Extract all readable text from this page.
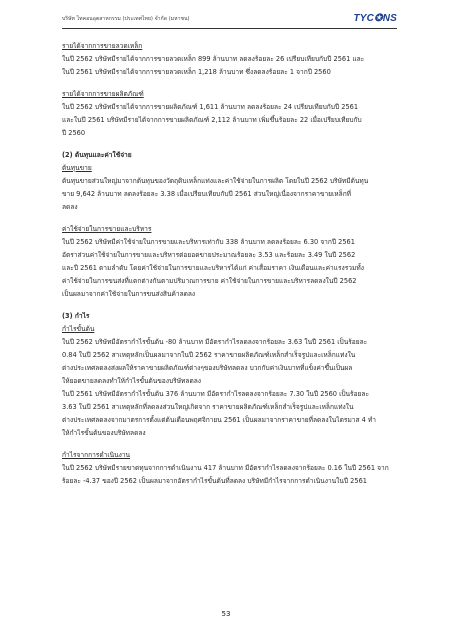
บริษัท ไทคอนอุตสาหกรรม (ประเทศไทย) จำกัด (มหาชน)	TYC✪NS

รายได้จากการขายลวดเหล็ก

ในปี 2562 บริษัทมีรายได้จากการขายลวดเหล็ก 899 ล้านบาท ลดลงร้อยละ 26 เปรียบเทียบกับปี 2561 และ

ในปี 2561 บริษัทมีรายได้จากการขายลวดเหล็ก 1,218 ล้านบาท ซึ่งลดลงร้อยละ 1 จากปี 2560

รายได้จากการขายผลิตภัณฑ์

ในปี 2562 บริษัทมีรายได้จากการขายผลิตภัณฑ์ 1,611 ล้านบาท ลดลงร้อยละ 24 เปรียบเทียบกับปี 2561

และในปี 2561 บริษัทมีรายได้จากการขายผลิตภัณฑ์ 2,112 ล้านบาท เพิ่มขึ้นร้อยละ 22 เมื่อเปรียบเทียบกับ

ปี 2560

(2) ต้นทุนและค่าใช้จ่าย

ต้นทุนขาย

ต้นทุนขายส่วนใหญ่มาจากต้นทุนของวัตถุดิบเหล็กแท่งและค่าใช้จ่ายในการผลิต โดยในปี 2562 บริษัทมีต้นทุน

ขาย 9,642 ล้านบาท ลดลงร้อยละ 3.38 เมื่อเปรียบเทียบกับปี 2561 ส่วนใหญ่เนื่องจากราคาขายเหล็กที่

ลดลง

ค่าใช้จ่ายในการขายและบริหาร

ในปี 2562 บริษัทมีค่าใช้จ่ายในการขายและบริหารเท่ากับ 338 ล้านบาท ลดลงร้อยละ 6.30 จากปี 2561

อัตราส่วนค่าใช้จ่ายในการขายและบริหารต่อยอดขายประมาณร้อยละ 3.53 และร้อยละ 3.49 ในปี 2562

และปี 2561 ตามลำดับ โดยค่าใช้จ่ายในการขายและบริหารได้แก่ ค่าเสื่อมราคา เงินเดือนและค่าแรงรวมทั้ง

ค่าใช้จ่ายในการขนส่งที่แตกต่างกันตามปริมาณการขาย ค่าใช้จ่ายในการขายและบริหารลดลงในปี 2562

เป็นผลมาจากค่าใช้จ่ายในการขนส่งสินค้าลดลง

(3) กำไร

กำไรขั้นต้น

ในปี 2562 บริษัทมีอัตรากำไรขั้นต้น -80 ล้านบาท มีอัตรากำไรลดลงจากร้อยละ 3.63 ในปี 2561 เป็นร้อยละ

0.84 ในปี 2562 สาเหตุหลักเป็นผลมาจากในปี 2562 ราคาขายผลิตภัณฑ์เหล็กสำเร็จรูปและเหล็กแท่งใน

ต่างประเทศลดลงส่งผลให้ราคาขายผลิตภัณฑ์ต่างๆของบริษัทลดลง บวกกับค่าเงินบาทที่แข็งค่าขึ้นเป็นผล

ให้ยอดขายลดลงทำให้กำไรขั้นต้นของบริษัทลดลง

ในปี 2561 บริษัทมีอัตรากำไรขั้นต้น 376 ล้านบาท มีอัตรากำไรลดลงจากร้อยละ 7.30 ในปี 2560 เป็นร้อยละ

3.63 ในปี 2561 สาเหตุหลักที่ลดลงส่วนใหญ่เกิดจาก ราคาขายผลิตภัณฑ์เหล็กสำเร็จรูปและเหล็กแท่งใน

ต่างประเทศลดลงจากมาตรการตั้งแต่ต้นเดือนพฤศจิกายน 2561 เป็นผลมาจากราคาขายที่ลดลงในไตรมาส 4 ทำ

ให้กำไรขั้นต้นของบริษัทลดลง

กำไรจากการดำเนินงาน

ในปี 2562 บริษัทมีรายขาดทุนจากการดำเนินงาน 417 ล้านบาท มีอัตรากำไรลดลงจากร้อยละ 0.16 ในปี 2561 จาก

ร้อยละ -4.37 ของปี 2562 เป็นผลมาจากอัตรากำไรขั้นต้นที่ลดลง บริษัทมีกำไรจากการดำเนินงานในปี 2561

53
